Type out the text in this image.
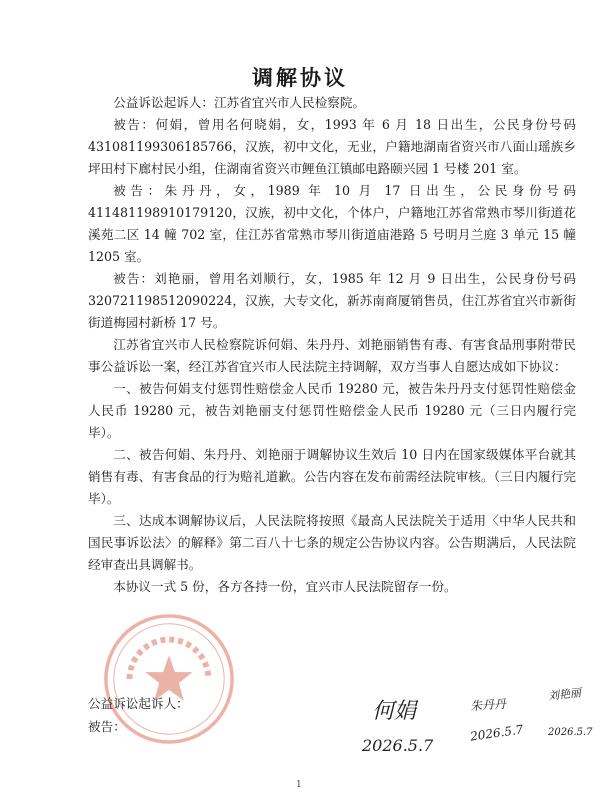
调解协议

公益诉讼起诉人：江苏省宜兴市人民检察院。

被告：何娟，曾用名何晓娟，女，1993 年 6 月 18 日出生，公民身份号码 431081199306185766，汉族，初中文化，无业，户籍地湖南省资兴市八面山瑶族乡坪田村下廊村民小组，住湖南省资兴市鲤鱼江镇邮电路颐兴园 1 号楼 201 室。

被告：朱丹丹，女，1989 年 10 月 17 日出生，公民身份号码 411481198910179120，汉族，初中文化，个体户，户籍地江苏省常熟市琴川街道花溪苑二区 14 幢 702 室，住江苏省常熟市琴川街道庙港路 5 号明月兰庭 3 单元 15 幢 1205 室。

被告：刘艳丽，曾用名刘顺行，女，1985 年 12 月 9 日出生，公民身份号码 320721198512090224，汉族，大专文化，新苏南商厦销售员，住江苏省宜兴市新街街道梅园村新桥 17 号。

江苏省宜兴市人民检察院诉何娟、朱丹丹、刘艳丽销售有毒、有害食品刑事附带民事公益诉讼一案，经江苏省宜兴市人民法院主持调解，双方当事人自愿达成如下协议：

一、被告何娟支付惩罚性赔偿金人民币 19280 元，被告朱丹丹支付惩罚性赔偿金人民币 19280 元，被告刘艳丽支付惩罚性赔偿金人民币 19280 元（三日内履行完毕）。

二、被告何娟、朱丹丹、刘艳丽于调解协议生效后 10 日内在国家级媒体平台就其销售有毒、有害食品的行为赔礼道歉。公告内容在发布前需经法院审核。（三日内履行完毕）。

三、达成本调解协议后，人民法院将按照《最高人民法院关于适用〈中华人民共和国民事诉讼法〉的解释》第二百八十七条的规定公告协议内容。公告期满后，人民法院经审查出具调解书。

本协议一式 5 份，各方各持一份，宜兴市人民法院留存一份。

公益诉讼起诉人：
被告：
何娟
2026.5.7
朱丹丹
2026.5.7
刘艳丽
2026.5.7
1
